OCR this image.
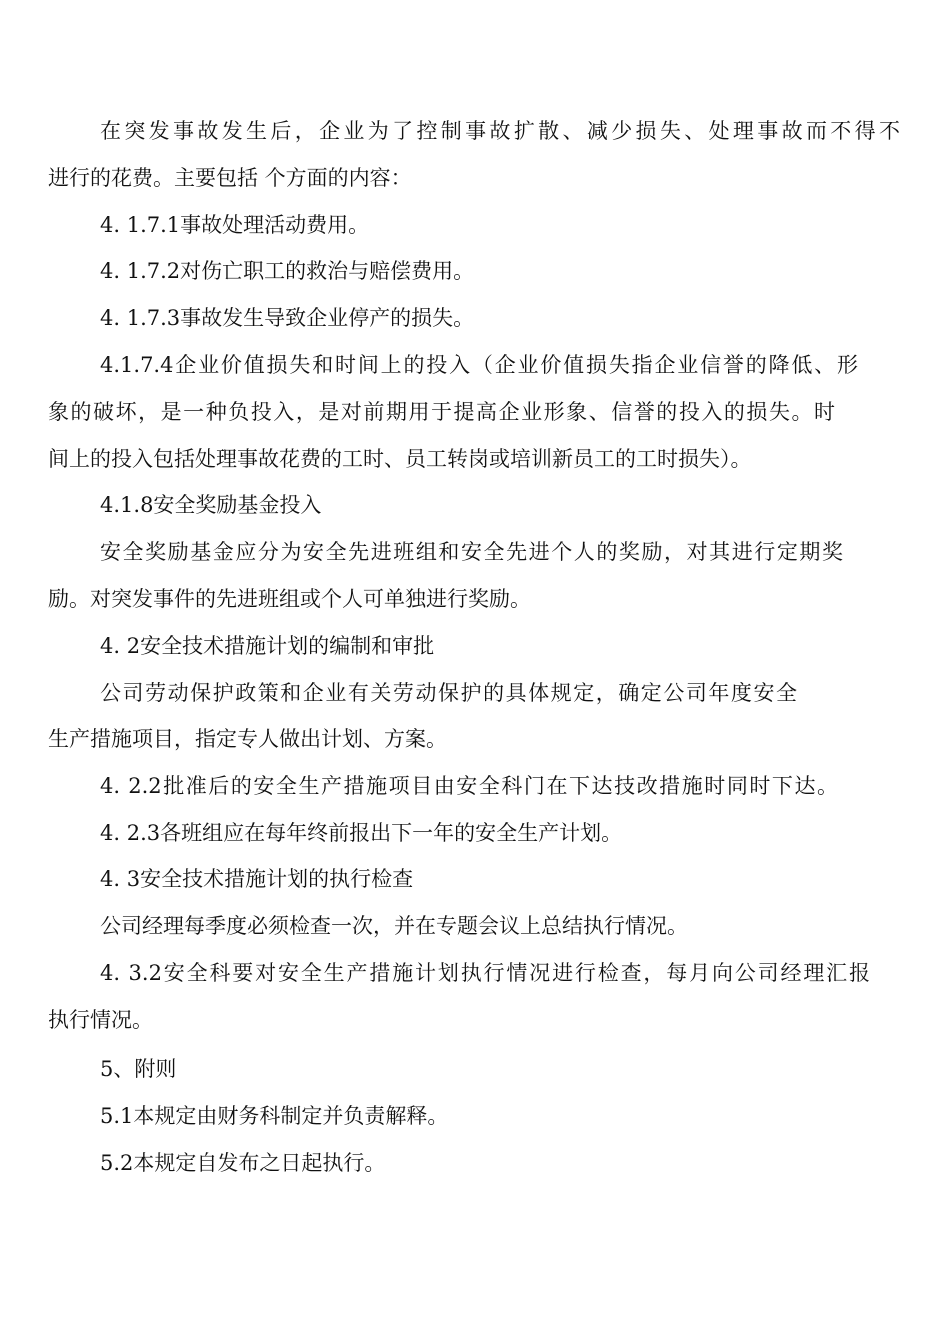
在突发事故发生后，企业为了控制事故扩散、减少损失、处理事故而不得不
进行的花费。主要包括 个方面的内容：
4. 1.7.1事故处理活动费用。
4. 1.7.2对伤亡职工的救治与赔偿费用。
4. 1.7.3事故发生导致企业停产的损失。
4.1.7.4企业价值损失和时间上的投入（企业价值损失指企业信誉的降低、形
象的破坏，是一种负投入，是对前期用于提高企业形象、信誉的投入的损失。时
间上的投入包括处理事故花费的工时、员工转岗或培训新员工的工时损失）。
4.1.8安全奖励基金投入
安全奖励基金应分为安全先进班组和安全先进个人的奖励，对其进行定期奖
励。对突发事件的先进班组或个人可单独进行奖励。
4. 2安全技术措施计划的编制和审批
公司劳动保护政策和企业有关劳动保护的具体规定，确定公司年度安全
生产措施项目，指定专人做出计划、方案。
4. 2.2批准后的安全生产措施项目由安全科门在下达技改措施时同时下达。
4. 2.3各班组应在每年终前报出下一年的安全生产计划。
4. 3安全技术措施计划的执行检查
公司经理每季度必须检查一次，并在专题会议上总结执行情况。
4. 3.2安全科要对安全生产措施计划执行情况进行检查，每月向公司经理汇报
执行情况。
5、附则
5.1本规定由财务科制定并负责解释。
5.2本规定自发布之日起执行。
